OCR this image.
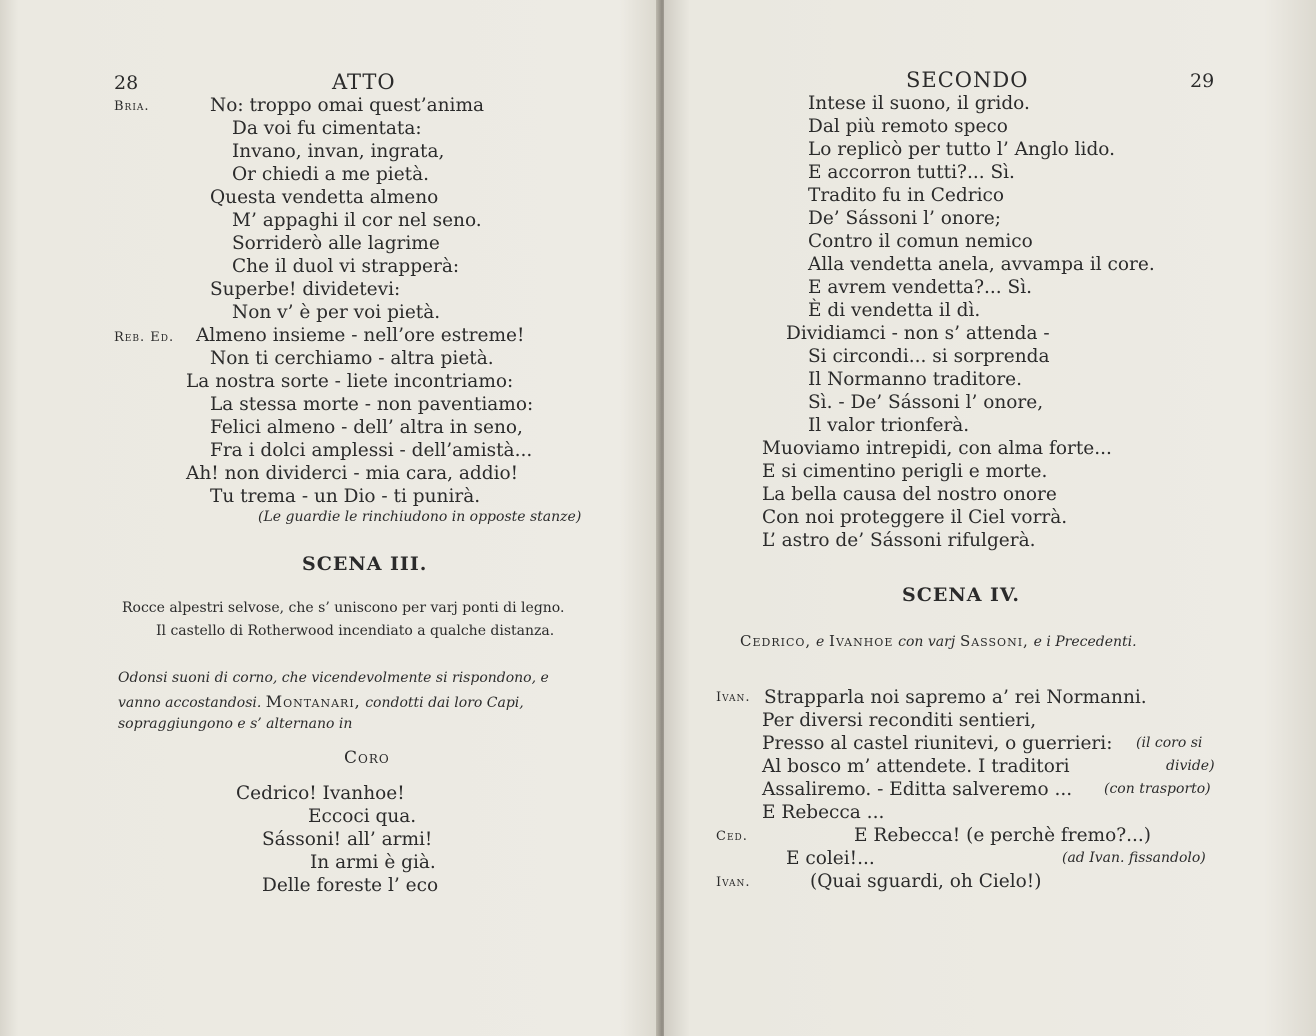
28	ATTO
Bria.	No: troppo omai quest’anima
Da voi fu cimentata:
Invano, invan, ingrata,
Or chiedi a me pietà.
Questa vendetta almeno
M’ appaghi il cor nel seno.
Sorriderò alle lagrime
Che il duol vi strapperà:
Superbe! dividetevi:
Non v’ è per voi pietà.
Reb. Ed. Almeno insieme - nell’ore estreme!
Non ti cerchiamo - altra pietà.
La nostra sorte - liete incontriamo:
La stessa morte - non paventiamo:
Felici almeno - dell’ altra in seno,
Fra i dolci amplessi - dell’amistà...
Ah! non dividerci - mia cara, addio!
Tu trema - un Dio - ti punirà.
(Le guardie le rinchiudono in opposte stanze)
SCENA III.
Rocce alpestri selvose, che s’ uniscono per varj ponti di legno.
Il castello di Rotherwood incendiato a qualche distanza.
Odonsi suoni di corno, che vicendevolmente si rispondono, e
vanno accostandosi. Montanari, condotti dai loro Capi,
sopraggiungono e s’ alternano in
Coro
Cedrico! Ivanhoe!
Eccoci qua.
Sássoni! all’ armi!
In armi è già.
Delle foreste l’ eco
SECONDO	29
Intese il suono, il grido.
Dal più remoto speco
Lo replicò per tutto l’ Anglo lido.
E accorron tutti?... Sì.
Tradito fu in Cedrico
De’ Sássoni l’ onore;
Contro il comun nemico
Alla vendetta anela, avvampa il core.
E avrem vendetta?... Sì.
È di vendetta il dì.
Dividiamci - non s’ attenda -
Si circondi... si sorprenda
Il Normanno traditore.
Sì. - De’ Sássoni l’ onore,
Il valor trionferà.
Muoviamo intrepidi, con alma forte...
E si cimentino perigli e morte.
La bella causa del nostro onore
Con noi proteggere il Ciel vorrà.
L’ astro de’ Sássoni rifulgerà.
SCENA IV.
Cedrico, e Ivanhoe con varj Sassoni, e i Precedenti.
Ivan. Strapparla noi sapremo a’ rei Normanni.
Per diversi reconditi sentieri,
Presso al castel riunitevi, o guerrieri: (il coro si
Al bosco m’ attendete. I traditori	divide)
Assaliremo. - Editta salveremo ... (con trasporto)
E Rebecca ...
Ced.	E Rebecca! (e perchè fremo?...)
E colei!...	(ad Ivan. fissandolo)
Ivan.	(Quai sguardi, oh Cielo!)
